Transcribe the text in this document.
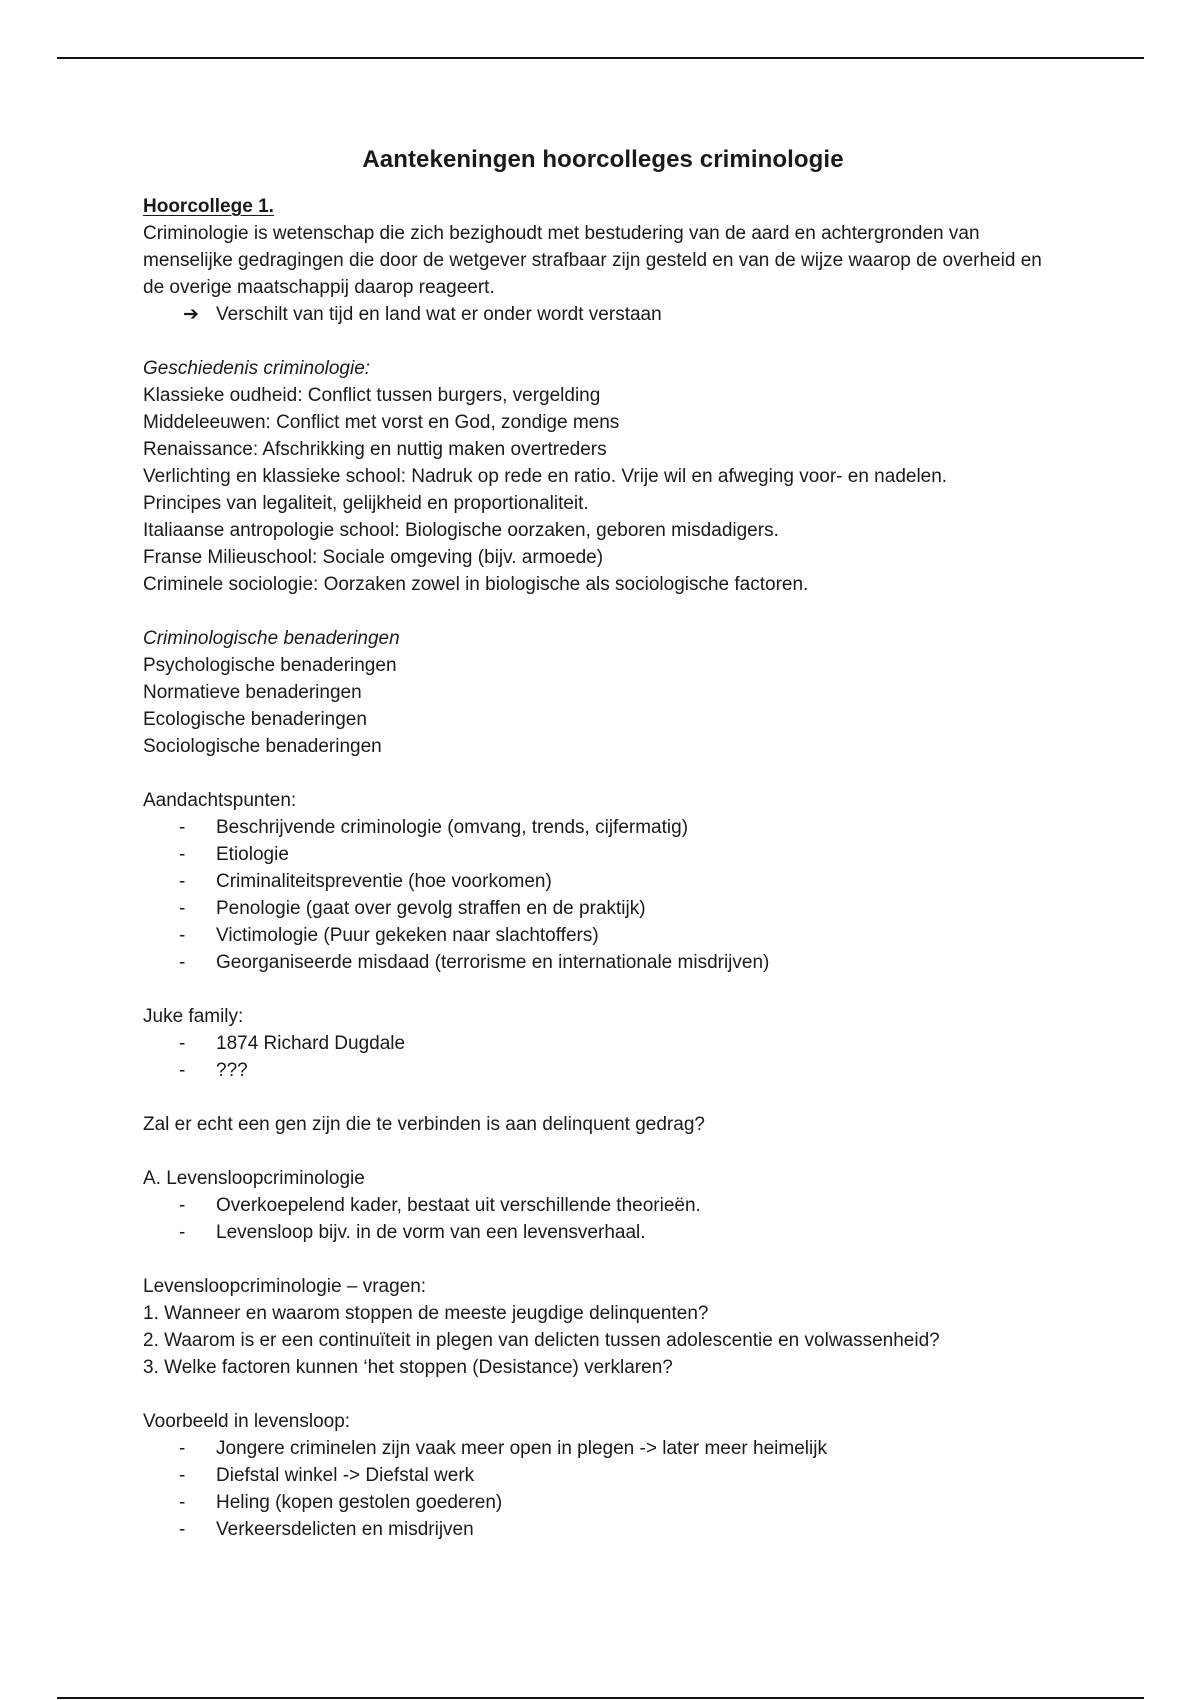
Aantekeningen hoorcolleges criminologie

Hoorcollege 1.

Criminologie is wetenschap die zich bezighoudt met bestudering van de aard en achtergronden van menselijke gedragingen die door de wetgever strafbaar zijn gesteld en van de wijze waarop de overheid en de overige maatschappij daarop reageert.

➔ Verschilt van tijd en land wat er onder wordt verstaan

Geschiedenis criminologie:

Klassieke oudheid: Conflict tussen burgers, vergelding

Middeleeuwen: Conflict met vorst en God, zondige mens

Renaissance: Afschrikking en nuttig maken overtreders

Verlichting en klassieke school: Nadruk op rede en ratio. Vrije wil en afweging voor- en nadelen.

Principes van legaliteit, gelijkheid en proportionaliteit.

Italiaanse antropologie school: Biologische oorzaken, geboren misdadigers.

Franse Milieuschool: Sociale omgeving (bijv. armoede)

Criminele sociologie: Oorzaken zowel in biologische als sociologische factoren.

Criminologische benaderingen

Psychologische benaderingen

Normatieve benaderingen

Ecologische benaderingen

Sociologische benaderingen

Aandachtspunten:

-	Beschrijvende criminologie (omvang, trends, cijfermatig)
-	Etiologie
-	Criminaliteitspreventie (hoe voorkomen)
-	Penologie (gaat over gevolg straffen en de praktijk)
-	Victimologie (Puur gekeken naar slachtoffers)
-	Georganiseerde misdaad (terrorisme en internationale misdrijven)

Juke family:

-	1874 Richard Dugdale
-	???

Zal er echt een gen zijn die te verbinden is aan delinquent gedrag?

A. Levensloopcriminologie

-	Overkoepelend kader, bestaat uit verschillende theorieën.
-	Levensloop bijv. in de vorm van een levensverhaal.

Levensloopcriminologie – vragen:

1. Wanneer en waarom stoppen de meeste jeugdige delinquenten?

2. Waarom is er een continuïteit in plegen van delicten tussen adolescentie en volwassenheid?

3. Welke factoren kunnen ‘het stoppen (Desistance) verklaren?

Voorbeeld in levensloop:

-	Jongere criminelen zijn vaak meer open in plegen -> later meer heimelijk
-	Diefstal winkel -> Diefstal werk
-	Heling (kopen gestolen goederen)
-	Verkeersdelicten en misdrijven
